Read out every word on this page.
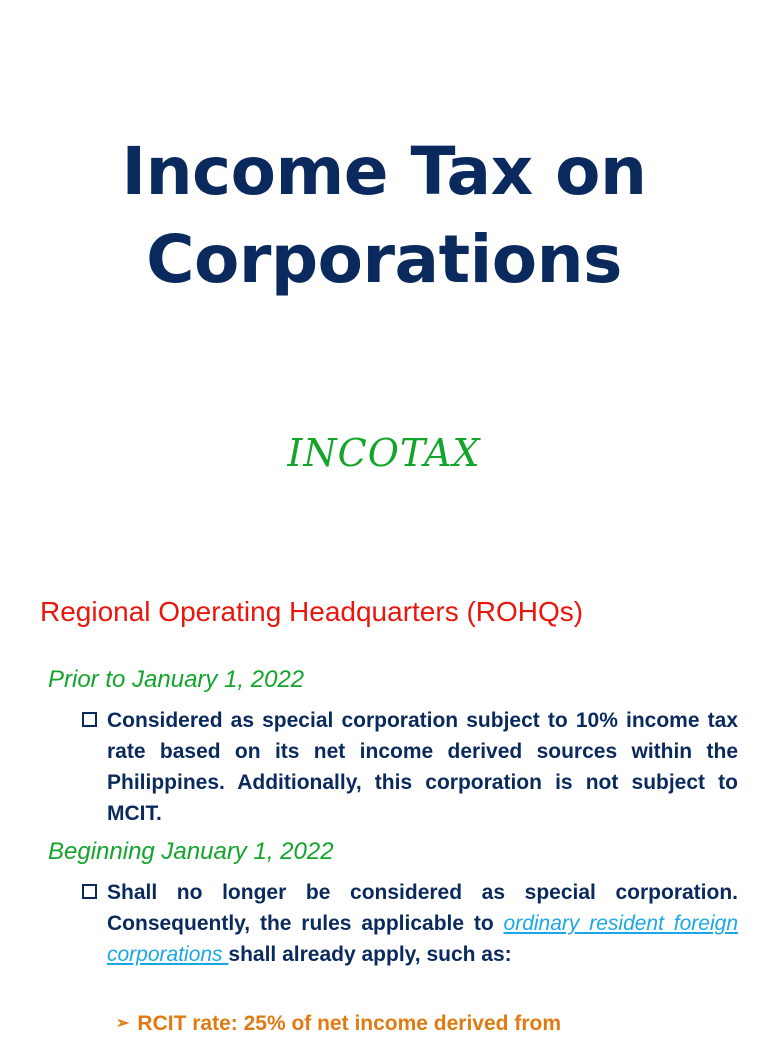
Income Tax on
Corporations
INCOTAX
Regional Operating Headquarters (ROHQs)
Prior to January 1, 2022
Considered as special corporation subject to 10% income tax rate based on its net income derived sources within the Philippines. Additionally, this corporation is not subject to MCIT.
Beginning January 1, 2022
Shall no longer be considered as special corporation. Consequently, the rules applicable to ordinary resident foreign corporations shall already apply, such as:
➢ RCIT rate: 25% of net income derived from
